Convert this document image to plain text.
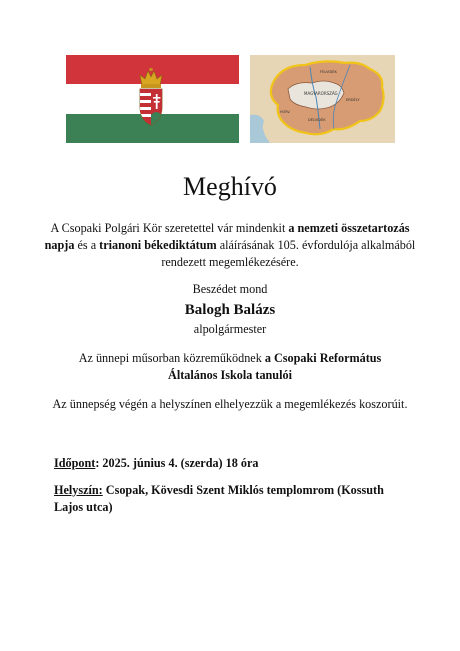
MAGYARORSZÁG
ERDÉLY
FELVIDÉK
DÉLVIDÉK
HORV.
Meghívó
A Csopaki Polgári Kör szeretettel vár mindenkit a nemzeti összetartozás napja és a trianoni békediktátum aláírásának 105. évfordulója alkalmából rendezett megemlékezésére.
Beszédet mond
Balogh Balázs
alpolgármester
Az ünnepi műsorban közreműködnek a Csopaki Református Általános Iskola tanulói
Az ünnepség végén a helyszínen elhelyezzük a megemlékezés koszorúit.
Időpont: 2025. június 4. (szerda) 18 óra
Helyszín: Csopak, Kövesdi Szent Miklós templomrom (Kossuth Lajos utca)
